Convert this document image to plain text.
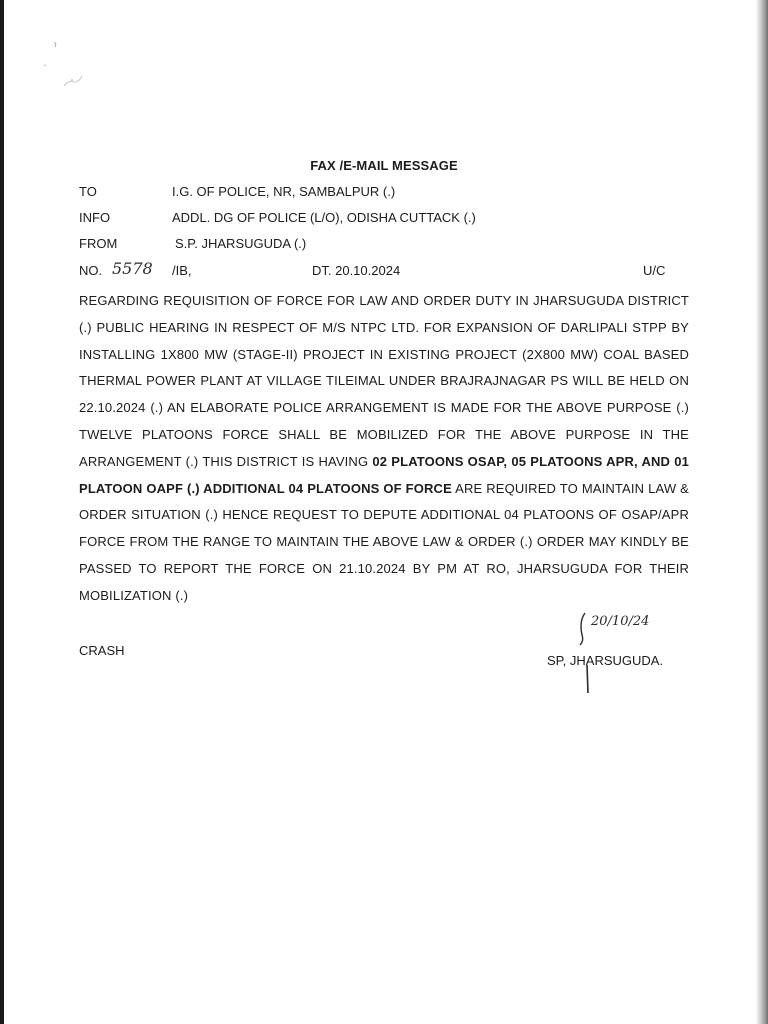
FAX /E-MAIL MESSAGE
TO	I.G. OF POLICE, NR, SAMBALPUR (.)
INFO	ADDL. DG OF POLICE (L/O), ODISHA CUTTACK (.)
FROM	S.P. JHARSUGUDA (.)
NO. 5578 /IB,	DT. 20.10.2024	U/C
REGARDING REQUISITION OF FORCE FOR LAW AND ORDER DUTY IN JHARSUGUDA DISTRICT (.) PUBLIC HEARING IN RESPECT OF M/S NTPC LTD. FOR EXPANSION OF DARLIPALI STPP BY INSTALLING 1X800 MW (STAGE-II) PROJECT IN EXISTING PROJECT (2X800 MW) COAL BASED THERMAL POWER PLANT AT VILLAGE TILEIMAL UNDER BRAJRAJNAGAR PS WILL BE HELD ON 22.10.2024 (.) AN ELABORATE POLICE ARRANGEMENT IS MADE FOR THE ABOVE PURPOSE (.) TWELVE PLATOONS FORCE SHALL BE MOBILIZED FOR THE ABOVE PURPOSE IN THE ARRANGEMENT (.) THIS DISTRICT IS HAVING 02 PLATOONS OSAP, 05 PLATOONS APR, AND 01 PLATOON OAPF (.) ADDITIONAL 04 PLATOONS OF FORCE ARE REQUIRED TO MAINTAIN LAW & ORDER SITUATION (.) HENCE REQUEST TO DEPUTE ADDITIONAL 04 PLATOONS OF OSAP/APR FORCE FROM THE RANGE TO MAINTAIN THE ABOVE LAW & ORDER (.) ORDER MAY KINDLY BE PASSED TO REPORT THE FORCE ON 21.10.2024 BY PM AT RO, JHARSUGUDA FOR THEIR MOBILIZATION (.)
20/10/24
SP, JHARSUGUDA.
CRASH
